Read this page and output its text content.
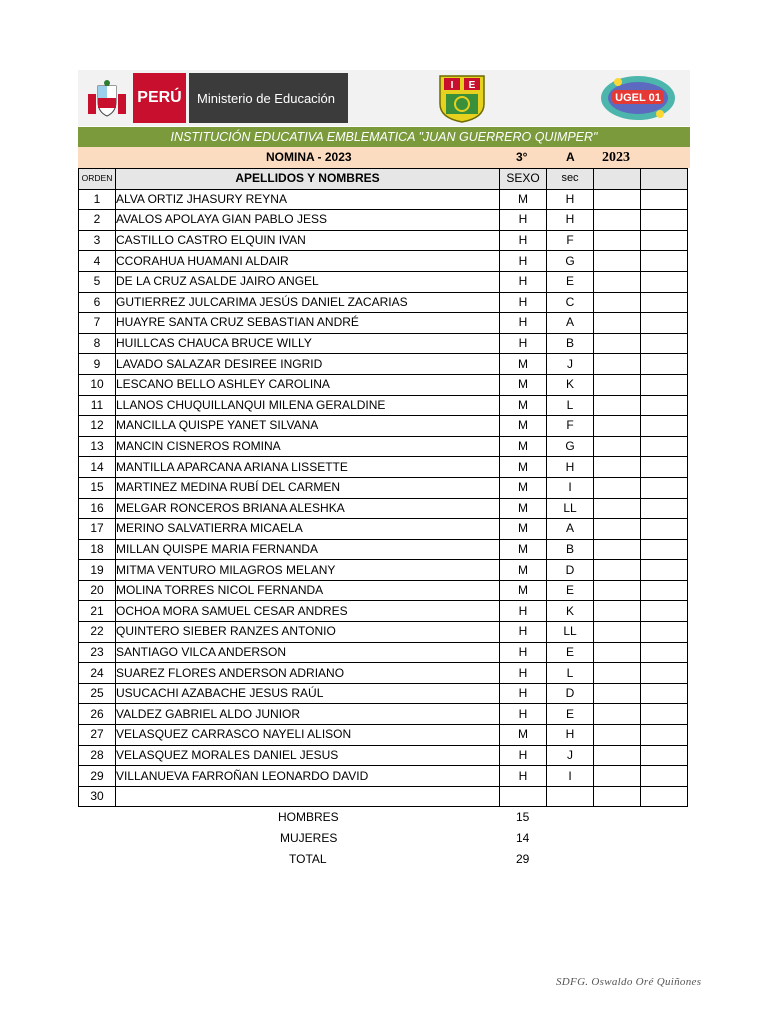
PERÚ	Ministerio de Educación
I E
UGEL 01
INSTITUCIÓN EDUCATIVA EMBLEMATICA "JUAN GUERRERO QUIMPER"
NOMINA - 2023	3°	A 2023
ORDEN	APELLIDOS Y NOMBRES	SEXO	sec		
1	ALVA ORTIZ JHASURY REYNA	M	H		
2	AVALOS APOLAYA GIAN PABLO JESS	H	H		
3	CASTILLO CASTRO ELQUIN IVAN	H	F		
4	CCORAHUA HUAMANI ALDAIR	H	G		
5	DE LA CRUZ ASALDE JAIRO ANGEL	H	E		
6	GUTIERREZ JULCARIMA JESÚS DANIEL ZACARIAS	H	C		
7	HUAYRE SANTA CRUZ SEBASTIAN ANDRÉ	H	A		
8	HUILLCAS CHAUCA BRUCE WILLY	H	B		
9	LAVADO SALAZAR DESIREE INGRID	M	J		
10	LESCANO BELLO ASHLEY CAROLINA	M	K		
11	LLANOS CHUQUILLANQUI MILENA GERALDINE	M	L		
12	MANCILLA QUISPE YANET SILVANA	M	F		
13	MANCIN CISNEROS ROMINA	M	G		
14	MANTILLA APARCANA ARIANA LISSETTE	M	H		
15	MARTINEZ MEDINA RUBÍ DEL CARMEN	M	I		
16	MELGAR RONCEROS BRIANA ALESHKA	M	LL		
17	MERINO SALVATIERRA MICAELA	M	A		
18	MILLAN QUISPE MARIA FERNANDA	M	B		
19	MITMA VENTURO MILAGROS MELANY	M	D		
20	MOLINA TORRES NICOL FERNANDA	M	E		
21	OCHOA MORA SAMUEL CESAR ANDRES	H	K		
22	QUINTERO SIEBER RANZES ANTONIO	H	LL		
23	SANTIAGO VILCA ANDERSON	H	E		
24	SUAREZ FLORES ANDERSON ADRIANO	H	L		
25	USUCACHI AZABACHE JESUS RAÚL	H	D		
26	VALDEZ GABRIEL ALDO JUNIOR	H	E		
27	VELASQUEZ CARRASCO NAYELI ALISON	M	H		
28	VELASQUEZ MORALES DANIEL JESUS	H	J		
29	VILLANUEVA FARROÑAN LEONARDO DAVID	H	I		
30					
HOMBRES	15
MUJERES	14
TOTAL	29
SDFG. Oswaldo Oré Quiñones
